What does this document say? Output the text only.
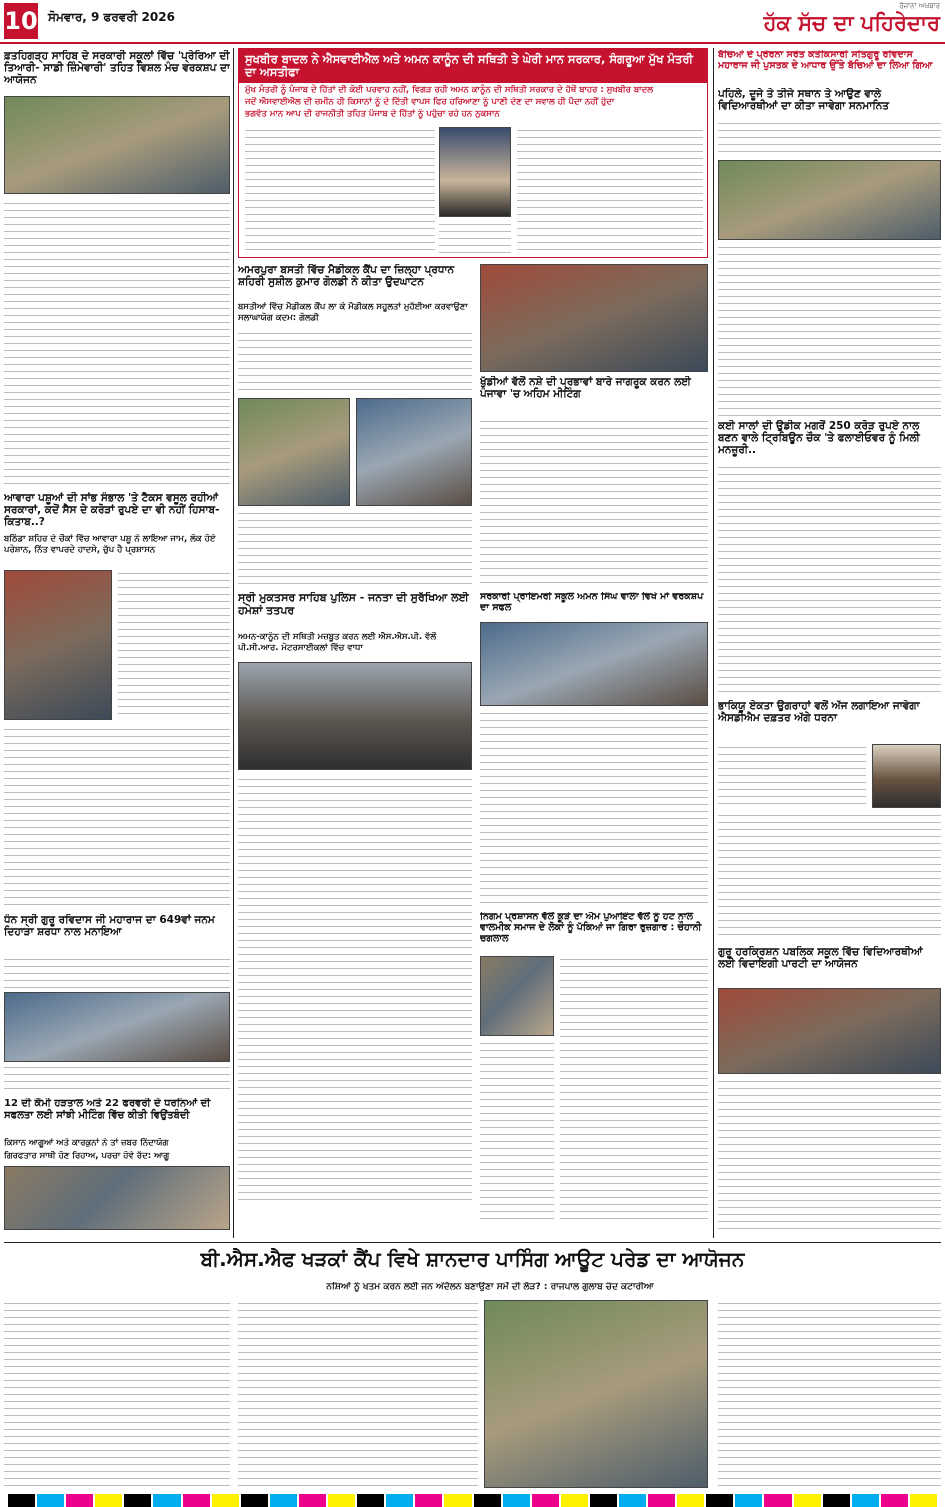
10 ਸੋਮਵਾਰ, 9 ਫਰਵਰੀ 2026
ਰੋਜ਼ਾਨਾ ਅਖ਼ਬਾਰ
ਹੱਕ ਸੱਚ ਦਾ ਪਹਿਰੇਦਾਰ
ਫ਼ਤਹਿਗੜ੍ਹ ਸਾਹਿਬ ਦੇ ਸਰਕਾਰੀ ਸਕੂਲਾਂ ਵਿੱਚ 'ਪ੍ਰੇਰਿਆ ਦੀ ਤਿਆਰੀ- ਸਾਡੀ ਜ਼ਿੰਮੇਵਾਰੀ' ਤਹਿਤ ਵਿਸ਼ਲ ਮੰਚ ਵਰਕਸ਼ਪ ਦਾ ਆਯੋਜਨ
ਆਵਾਰਾ ਪਸ਼ੂਆਂ ਦੀ ਸਾਂਭ ਸੰਭਾਲ 'ਤੇ ਟੈਕਸ ਵਸੂਲ ਰਹੀਆਂ ਸਰਕਾਰਾਂ, ਕਦੋਂ ਸੈਸ ਦੇ ਕਰੋੜਾਂ ਰੁਪਏ ਦਾ ਵੀ ਨਹੀਂ ਹਿਸਾਬ-ਕਿਤਾਬ..?
ਬਠਿੰਡਾ ਸ਼ਹਿਰ ਦੇ ਚੌਕਾਂ ਵਿੱਚ ਆਵਾਰਾ ਪਸ਼ੂ ਨੇ ਲਾਇਆ ਜਾਮ, ਲੋਕ ਹੋਏ ਪਰੇਸ਼ਾਨ, ਨਿੱਤ ਵਾਪਰਦੇ ਹਾਦਸੇ, ਚੁੱਪ ਹੈ ਪ੍ਰਸ਼ਾਸਨ
ਧੰਨ ਸ੍ਰੀ ਗੁਰੂ ਰਵਿਦਾਸ ਜੀ ਮਹਾਰਾਜ ਦਾ 649ਵਾਂ ਜਨਮ ਦਿਹਾੜਾ ਸ਼ਰਧਾ ਨਾਲ ਮਨਾਇਆ
12 ਦੀ ਕੌਮੀ ਹੜਤਾਲ ਅਤੇ 22 ਫਰਵਰੀ ਦੇ ਧਰਨਿਆਂ ਦੀ ਸਫਲਤਾ ਲਈ ਸਾਂਝੀ ਮੀਟਿੰਗ ਵਿੱਚ ਕੀਤੀ ਵਿਉਂਤਬੰਦੀ
ਕਿਸਾਨ ਆਗੂਆਂ ਅਤੇ ਕਾਰਕੁਨਾਂ ਨੇ ਤਾਂ ਜ਼ਬਰ ਨਿੰਦਾਯੋਗ
ਗਿਰਫਤਾਰ ਸਾਥੀ ਹੋਣ ਰਿਹਾਅ, ਪਰਚਾ ਹੋਵੇ ਰੱਦ: ਆਗੂ
ਸੁਖਬੀਰ ਬਾਦਲ ਨੇ ਐਸਵਾਈਐਲ ਅਤੇ ਅਮਨ ਕਾਨੂੰਨ ਦੀ ਸਥਿਤੀ ਤੇ ਘੇਰੀ ਮਾਨ ਸਰਕਾਰ, ਸੰਗਰੂਆ ਮੁੱਖ ਮੰਤਰੀ ਦਾ ਅਸਤੀਫਾ
ਮੁੱਖ ਮੰਤਰੀ ਨੂੰ ਪੰਜਾਬ ਦੇ ਹਿੱਤਾਂ ਦੀ ਕੋਈ ਪਰਵਾਹ ਨਹੀਂ, ਵਿਗੜ ਰਹੀ ਅਮਨ ਕਾਨੂੰਨ ਦੀ ਸਥਿਤੀ ਸਰਕਾਰ ਦੇ ਹੱਥੋਂ ਬਾਹਰ : ਸੁਖਬੀਰ ਬਾਦਲ
ਜਦੋਂ ਐਸਵਾਈਐਲ ਦੀ ਜ਼ਮੀਨ ਹੀ ਕਿਸਾਨਾਂ ਨੂੰ ਦੇ ਦਿੱਤੀ ਵਾਪਸ ਫਿਰ ਹਰਿਆਣਾ ਨੂੰ ਪਾਣੀ ਦੇਣ ਦਾ ਸਵਾਲ ਹੀ ਪੈਦਾ ਨਹੀਂ ਹੁੰਦਾ
ਭਗਵੰਤ ਮਾਨ ਆਪ ਦੀ ਰਾਜਨੀਤੀ ਤਹਿਤ ਪੰਜਾਬ ਦੇ ਹਿੱਤਾਂ ਨੂੰ ਪਹੁੰਚਾ ਰਹੇ ਹਨ ਨੁਕਸਾਨ
ਅਮਰਪੁਰਾ ਬਸਤੀ ਵਿੱਚ ਮੈਡੀਕਲ ਕੈਂਪ ਦਾ ਜ਼ਿਲ੍ਹਾ ਪ੍ਰਧਾਨ ਸ਼ਹਿਰੀ ਸੁਸ਼ੀਲ ਕੁਮਾਰ ਗੋਲਡੀ ਨੇ ਕੀਤਾ ਉਦਘਾਟਨ
ਬਸਤੀਆਂ ਵਿੱਚ ਮੈਡੀਕਲ ਕੈਂਪ ਲਾ ਕੇ ਮੈਡੀਕਲ ਸਹੂਲਤਾਂ ਮੁਹੱਈਆ ਕਰਵਾਉਣਾ ਸਲਾਘਾਯੋਗ ਕਦਮ: ਗੋਲਡੀ
ਖੁੱਡੀਆਂ ਵੱਲੋਂ ਨਸ਼ੇ ਦੀ ਪ੍ਰਭਾਵਾਂ ਬਾਰੇ ਜਾਗਰੂਕ ਕਰਨ ਲਈ ਪੰਜਾਵਾ 'ਚ ਅਹਿਮ ਮੀਟਿੰਗ
ਸ੍ਰੀ ਮੁਕਤਸਰ ਸਾਹਿਬ ਪੁਲਿਸ - ਜਨਤਾ ਦੀ ਸੁਰੱਖਿਆ ਲਈ ਹਮੇਸ਼ਾਂ ਤਤਪਰ
ਅਮਨ-ਕਾਨੂੰਨ ਦੀ ਸਥਿਤੀ ਮਜ਼ਬੂਤ ਕਰਨ ਲਈ ਐਸ.ਐਸ.ਪੀ. ਵੱਲੋਂ ਪੀ.ਸੀ.ਆਰ. ਮੋਟਰਸਾਈਕਲਾਂ ਵਿੱਚ ਵਾਧਾ
ਸਰਕਾਰੀ ਪ੍ਰਾਇਮਰੀ ਸਕੂਲ ਅਮਨ ਸਿੰਘ ਵਾਲਾ ਵਿਖੇ ਮਾਂ ਵਰਕਸ਼ਪ ਦਾ ਸਫਲ
ਨਿਗਮ ਪ੍ਰਸ਼ਾਸਨ ਵੱਲੋਂ ਕੂੜੇ ਦਾ ਐਮ ਪੁਆਇੰਟ ਵੱਲੋਂ ਨੂੰ ਹਟ ਨਾਲ ਵਾਲਮੀਕ ਸਮਾਜ ਦੇ ਲੋਕਾਂ ਨੂੰ ਪੱਕਿਆਂ ਜਾ ਗਿਰਾ ਰੁਜ਼ਗਾਰ : ਚੌਹਾਨੀ ਚਗਲਾਲ
ਬੱਚਿਆਂ ਦੇ ਪ੍ਰੇਰਨਾ ਸਰੋਤ ਕਤੇਕਿਸਾਰੀ ਸਤਿਗੁਰੂ ਰਵਿਦਾਸ ਮਹਾਰਾਜ ਜੀ ਪੁਸਤਕ ਦੇ ਆਧਾਰ ਉੱਤੇ ਬੱਚਿਆਂ ਦਾ ਲਿਆ ਗਿਆ
ਪਹਿਲੇ, ਦੂਜੇ ਤੇ ਤੀਜੇ ਸਥਾਨ ਤੇ ਆਉਣ ਵਾਲੇ ਵਿਦਿਆਰਥੀਆਂ ਦਾ ਕੀਤਾ ਜਾਵੇਗਾ ਸਨਮਾਨਿਤ
ਕਈ ਸਾਲਾਂ ਦੀ ਉਡੀਕ ਮਗਰੋਂ 250 ਕਰੋੜ ਰੁਪਏ ਨਾਲ ਬਣਨ ਵਾਲੇ ਟ੍ਰਿਬਿਊਨ ਚੌਕ 'ਤੇ ਫਲਾਈਓਵਰ ਨੂੰ ਮਿਲੀ ਮਨਜ਼ੂਰੀ..
ਭਾਕਿਯੂ ਏਕਤਾ ਉਗਰਾਹਾਂ ਵਲੋਂ ਅੱਜ ਲਗਾਇਆ ਜਾਵੇਗਾ ਐਸਡੀਐਮ ਦਫ਼ਤਰ ਅੱਗੇ ਧਰਨਾ
ਗੁਰੂ ਹਰਕ੍ਰਿਸ਼ਨ ਪਬਲਿਕ ਸਕੂਲ ਵਿੱਚ ਵਿਦਿਆਰਥੀਆਂ ਲਈ ਵਿਦਾਇਗੀ ਪਾਰਟੀ ਦਾ ਆਯੋਜਨ
ਬੀ.ਐਸ.ਐਫ ਖੜਕਾਂ ਕੈਂਪ ਵਿਖੇ ਸ਼ਾਨਦਾਰ ਪਾਸਿੰਗ ਆਊਟ ਪਰੇਡ ਦਾ ਆਯੋਜਨ
ਨਸ਼ਿਆਂ ਨੂੰ ਖਤਮ ਕਰਨ ਲਈ ਜਨ ਅੰਦੋਲਨ ਬਣਾਉਣਾ ਸਮੇਂ ਦੀ ਲੋੜ? : ਰਾਜਪਾਲ ਗੁਲਾਬ ਚੰਦ ਕਟਾਰੀਆ
